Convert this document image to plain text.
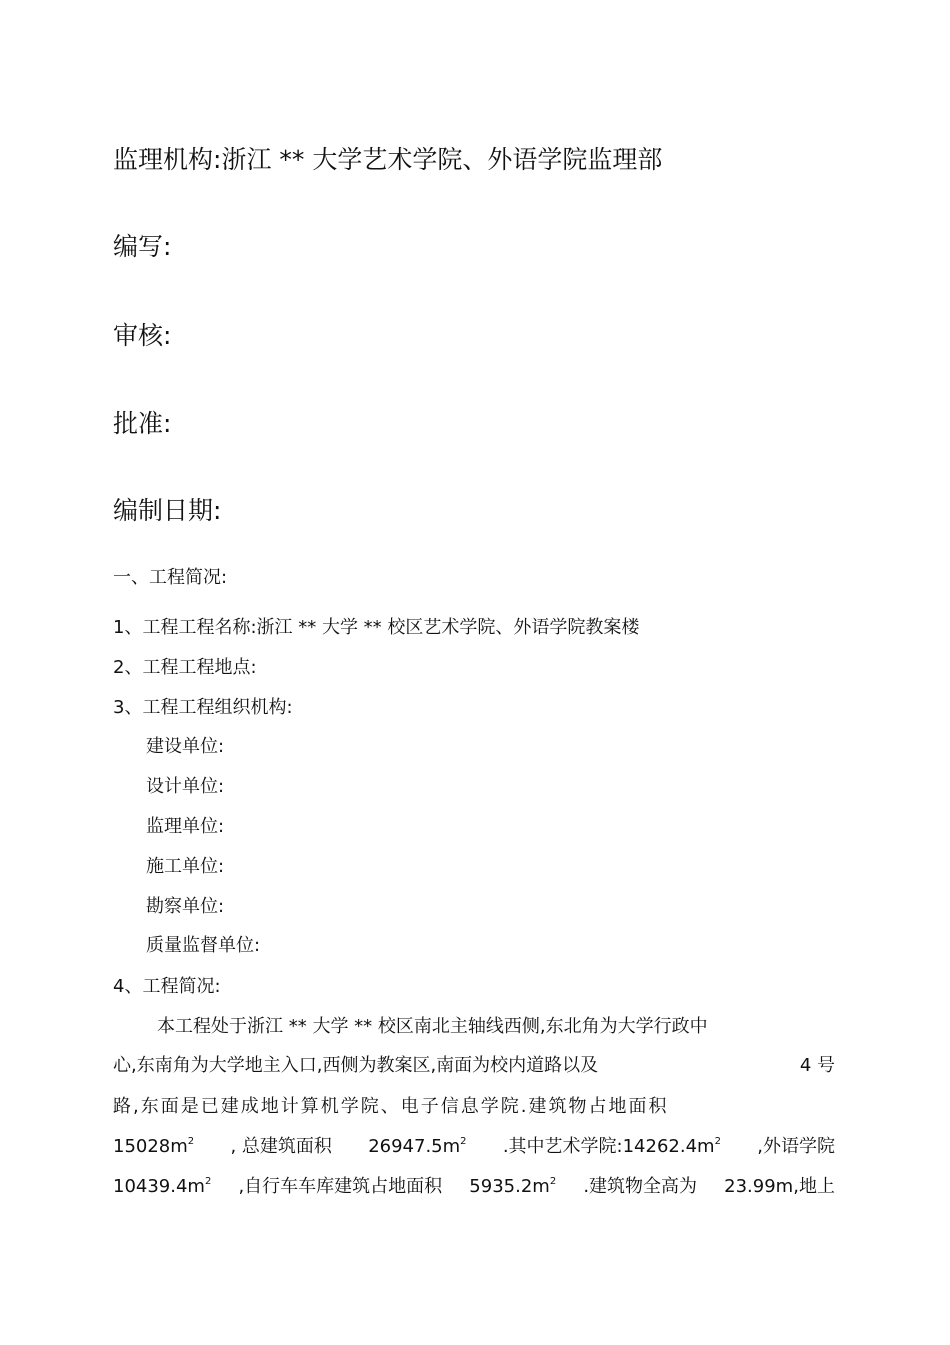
监理机构:浙江 ** 大学艺术学院、外语学院监理部
编写:
审核:
批准:
编制日期:
一、工程简况:
1、工程工程名称:浙江 ** 大学 ** 校区艺术学院、外语学院教案楼
2、工程工程地点:
3、工程工程组织机构:
建设单位:
设计单位:
监理单位:
施工单位:
勘察单位:
质量监督单位:
4、工程简况:
本工程处于浙江 ** 大学 ** 校区南北主轴线西侧,东北角为大学行政中
心,东南角为大学地主入口,西侧为教案区,南面为校内道路以及	4 号
路,东面是已建成地计算机学院、电子信息学院.建筑物占地面积
$15028m^2$ , 总建筑面积 $26947.5m^2$ .其中艺术学院$:14262.4m^2$ ,外语学院
$10439.4m^2$ ,自行车车库建筑占地面积 $5935.2m^2$ .建筑物全高为 23.99m,地上
